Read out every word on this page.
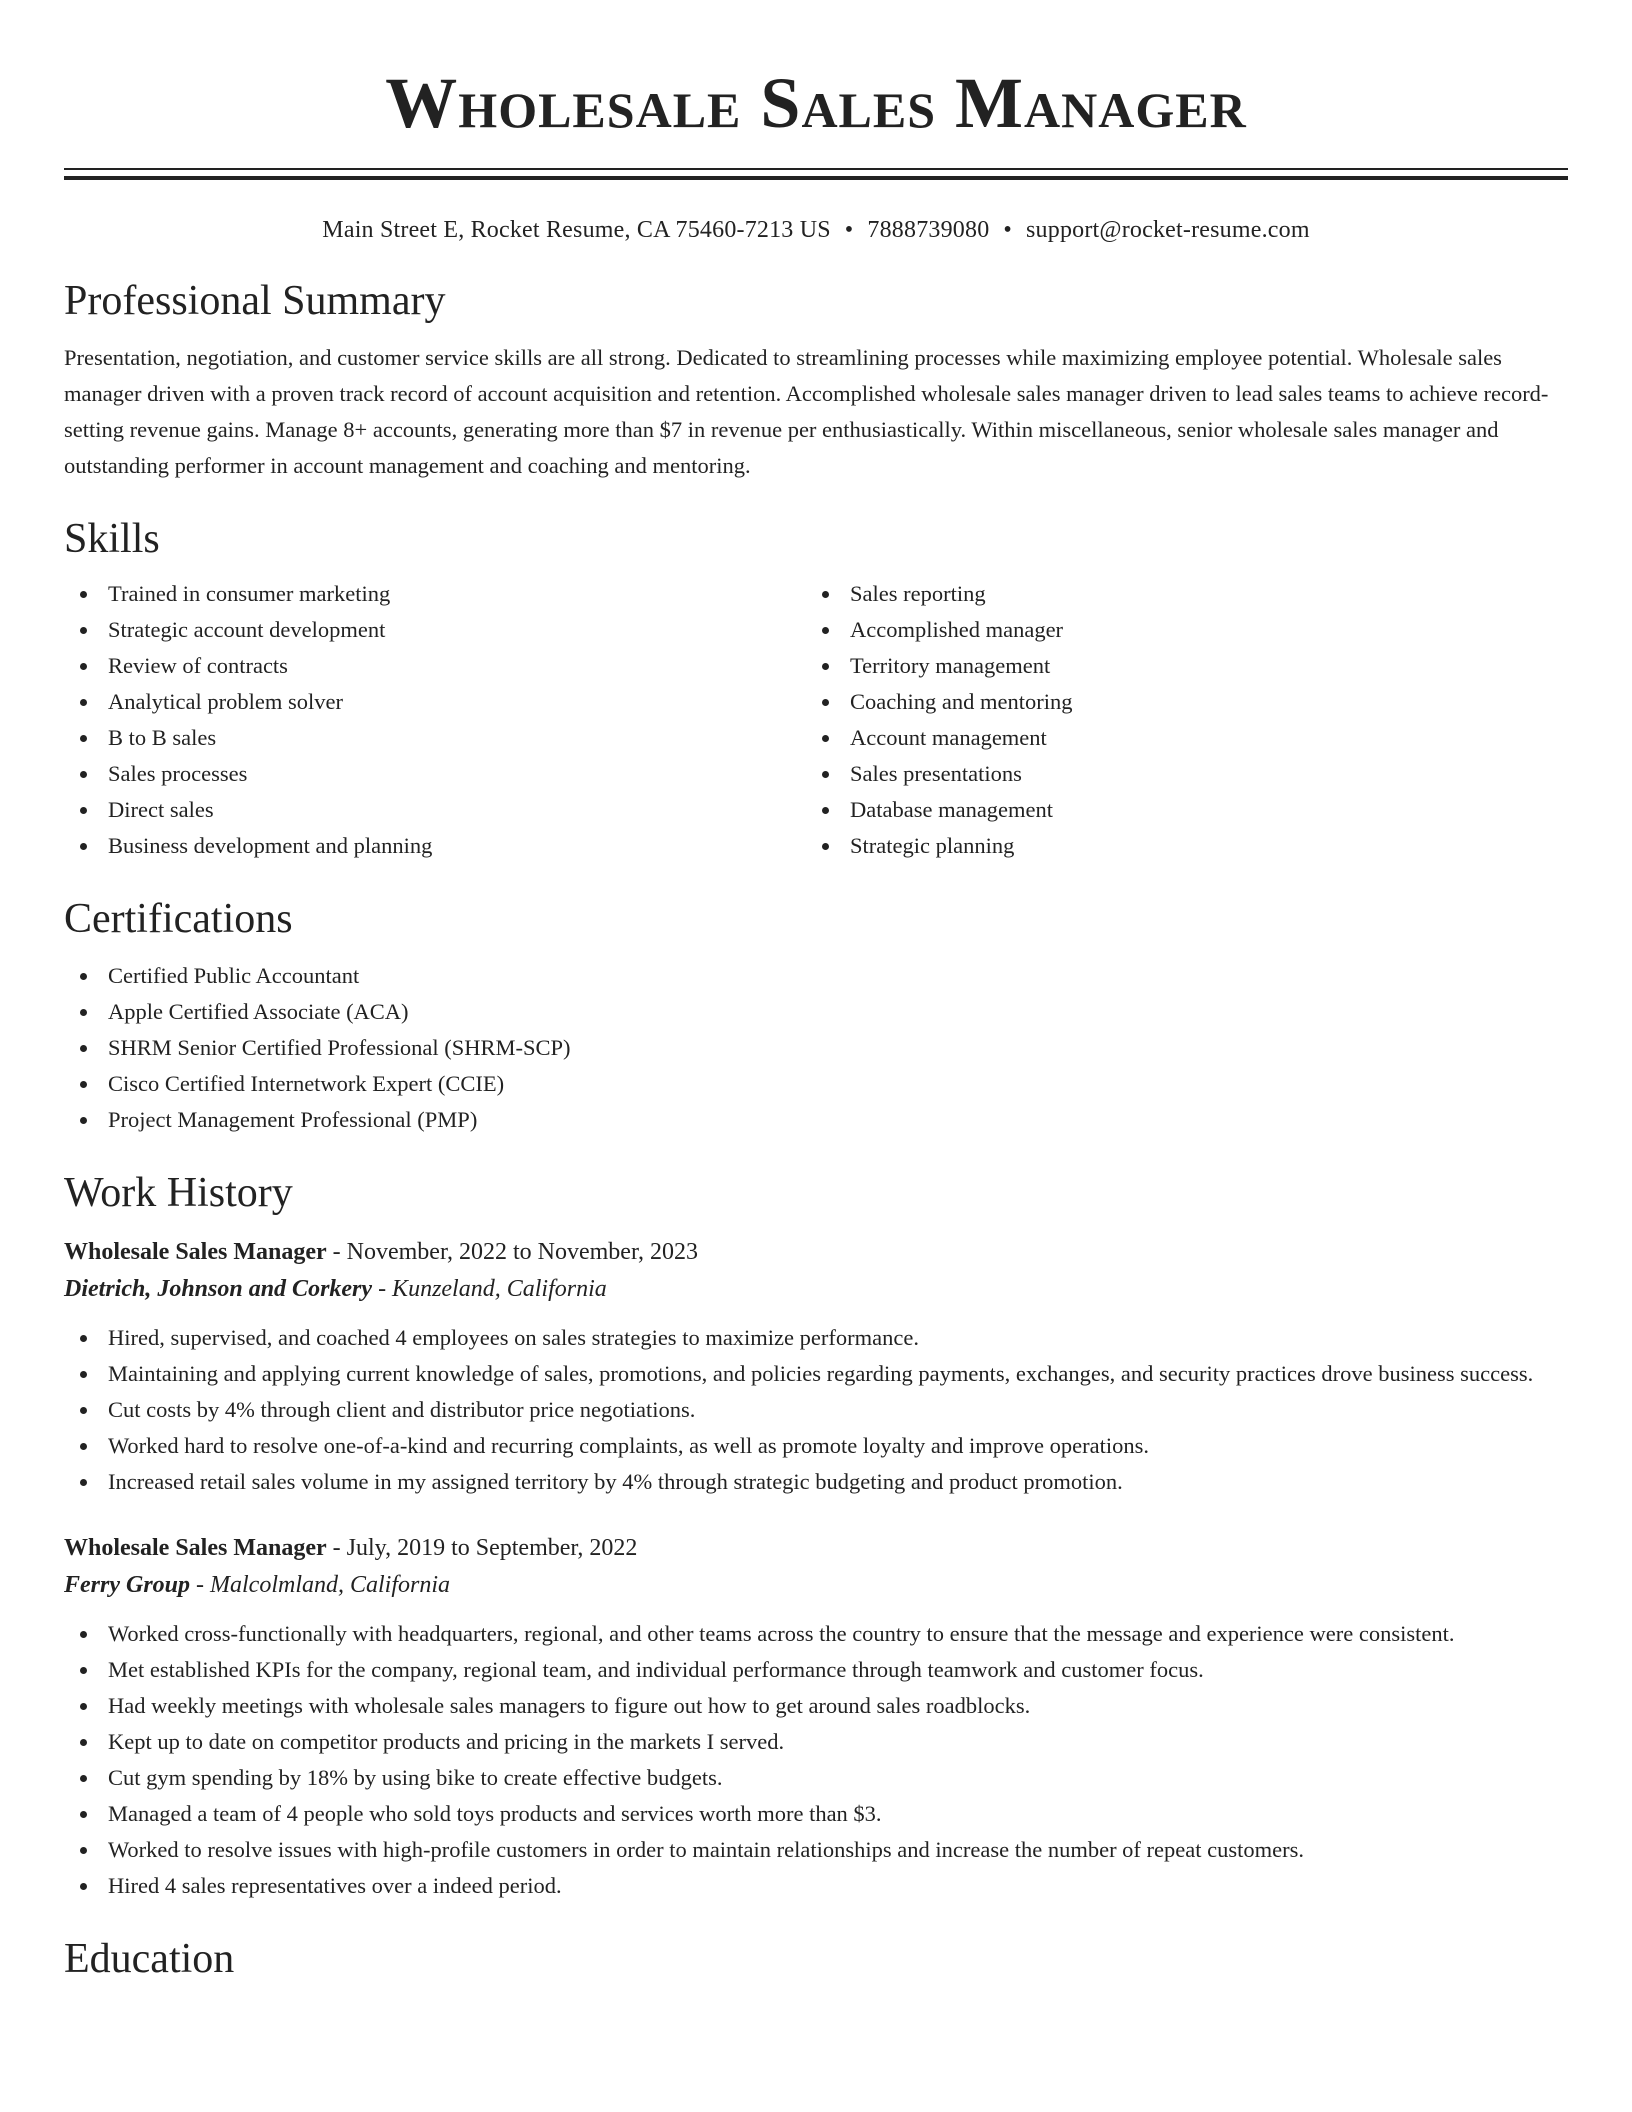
Wholesale Sales Manager
Main Street E, Rocket Resume, CA 75460-7213 US • 7888739080 • support@rocket-resume.com
Professional Summary

Presentation, negotiation, and customer service skills are all strong. Dedicated to streamlining processes while maximizing employee potential. Wholesale sales manager driven with a proven track record of account acquisition and retention. Accomplished wholesale sales manager driven to lead sales teams to achieve record-setting revenue gains. Manage 8+ accounts, generating more than $7 in revenue per enthusiastically. Within miscellaneous, senior wholesale sales manager and outstanding performer in account management and coaching and mentoring.

Skills
Trained in consumer marketing
Strategic account development
Review of contracts
Analytical problem solver
B to B sales
Sales processes
Direct sales
Business development and planning
Sales reporting
Accomplished manager
Territory management
Coaching and mentoring
Account management
Sales presentations
Database management
Strategic planning
Certifications
Certified Public Accountant
Apple Certified Associate (ACA)
SHRM Senior Certified Professional (SHRM-SCP)
Cisco Certified Internetwork Expert (CCIE)
Project Management Professional (PMP)
Work History
Wholesale Sales Manager - November, 2022 to November, 2023
Dietrich, Johnson and Corkery - Kunzeland, California
Hired, supervised, and coached 4 employees on sales strategies to maximize performance.
Maintaining and applying current knowledge of sales, promotions, and policies regarding payments, exchanges, and security practices drove business success.
Cut costs by 4% through client and distributor price negotiations.
Worked hard to resolve one-of-a-kind and recurring complaints, as well as promote loyalty and improve operations.
Increased retail sales volume in my assigned territory by 4% through strategic budgeting and product promotion.
Wholesale Sales Manager - July, 2019 to September, 2022
Ferry Group - Malcolmland, California
Worked cross-functionally with headquarters, regional, and other teams across the country to ensure that the message and experience were consistent.
Met established KPIs for the company, regional team, and individual performance through teamwork and customer focus.
Had weekly meetings with wholesale sales managers to figure out how to get around sales roadblocks.
Kept up to date on competitor products and pricing in the markets I served.
Cut gym spending by 18% by using bike to create effective budgets.
Managed a team of 4 people who sold toys products and services worth more than $3.
Worked to resolve issues with high-profile customers in order to maintain relationships and increase the number of repeat customers.
Hired 4 sales representatives over a indeed period.
Education
